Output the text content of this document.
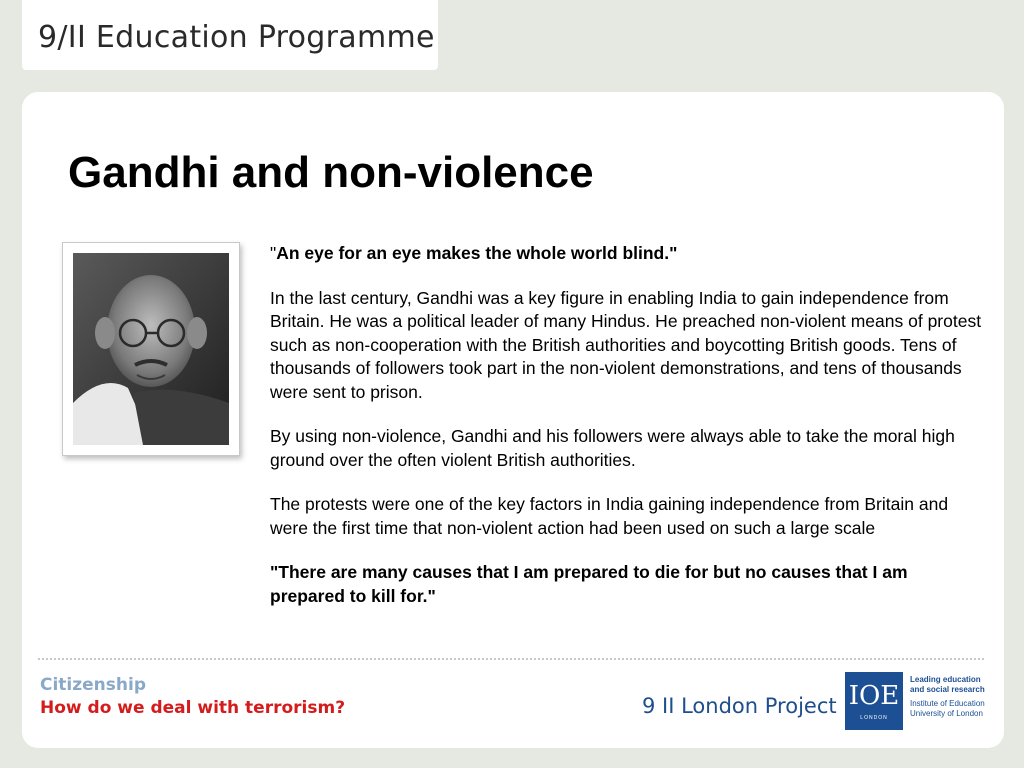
9/II Education Programme
Gandhi and non-violence

"An eye for an eye makes the whole world blind."

In the last century, Gandhi was a key figure in enabling India to gain independence from Britain. He was a political leader of many Hindus. He preached non-violent means of protest such as non-cooperation with the British authorities and boycotting British goods. Tens of thousands of followers took part in the non-violent demonstrations, and tens of thousands were sent to prison.

By using non-violence, Gandhi and his followers were always able to take the moral high ground over the often violent British authorities.

The protests were one of the key factors in India gaining independence from Britain and were the first time that non-violent action had been used on such a large scale

"There are many causes that I am prepared to die for but no causes that I am prepared to kill for."

Citizenship
How do we deal with terrorism?	9 II London Project IOE
LONDON
Leading education
and social research
Institute of Education
University of London
